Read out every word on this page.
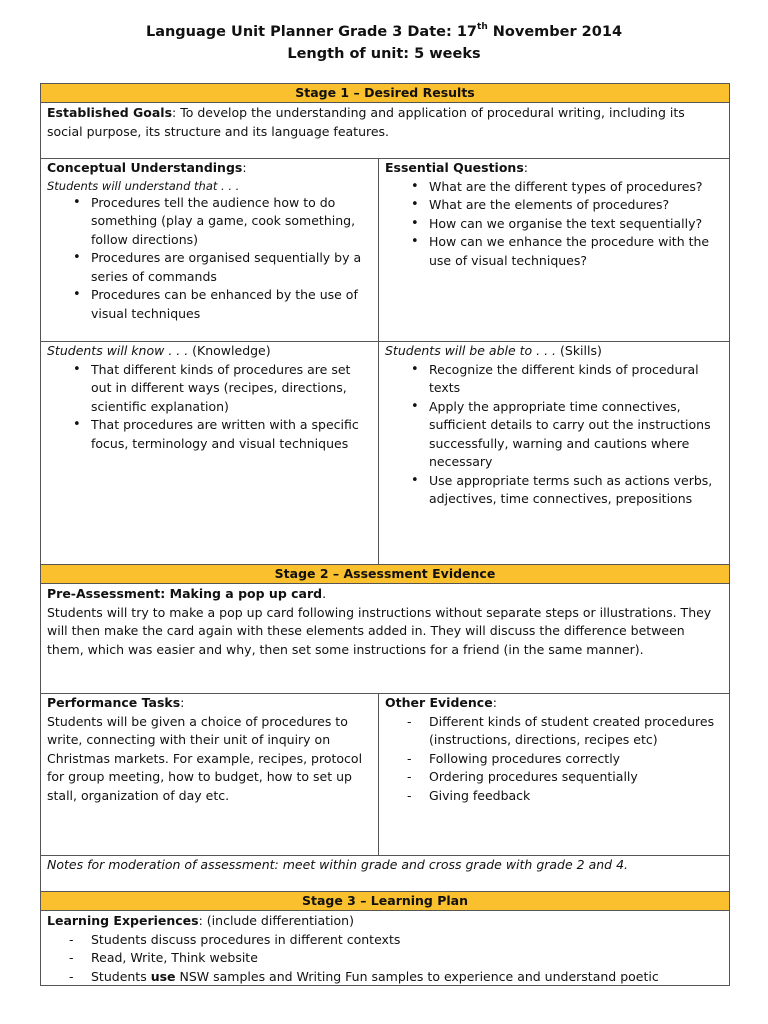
Language Unit Planner Grade 3 Date: 17th November 2014
Length of unit: 5 weeks
Stage 1 – Desired Results
Established Goals: To develop the understanding and application of procedural writing, including its social purpose, its structure and its language features.
Conceptual Understandings:
Students will understand that . . .
• Procedures tell the audience how to do something (play a game, cook something, follow directions)
• Procedures are organised sequentially by a series of commands
• Procedures can be enhanced by the use of visual techniques
Essential Questions:
• What are the different types of procedures?
• What are the elements of procedures?
• How can we organise the text sequentially?
• How can we enhance the procedure with the use of visual techniques?
Students will know . . . (Knowledge)
• That different kinds of procedures are set out in different ways (recipes, directions, scientific explanation)
• That procedures are written with a specific focus, terminology and visual techniques
Students will be able to . . . (Skills)
• Recognize the different kinds of procedural texts
• Apply the appropriate time connectives, sufficient details to carry out the instructions successfully, warning and cautions where necessary
• Use appropriate terms such as actions verbs, adjectives, time connectives, prepositions
Stage 2 – Assessment Evidence
Pre-Assessment: Making a pop up card.
Students will try to make a pop up card following instructions without separate steps or illustrations. They will then make the card again with these elements added in. They will discuss the difference between them, which was easier and why, then set some instructions for a friend (in the same manner).
Performance Tasks:
Students will be given a choice of procedures to write, connecting with their unit of inquiry on Christmas markets. For example, recipes, protocol for group meeting, how to budget, how to set up stall, organization of day etc.
Other Evidence:
- Different kinds of student created procedures (instructions, directions, recipes etc)
- Following procedures correctly
- Ordering procedures sequentially
- Giving feedback
Notes for moderation of assessment: meet within grade and cross grade with grade 2 and 4.
Stage 3 – Learning Plan
Learning Experiences: (include differentiation)
- Students discuss procedures in different contexts
- Read, Write, Think website
- Students use NSW samples and Writing Fun samples to experience and understand poetic
